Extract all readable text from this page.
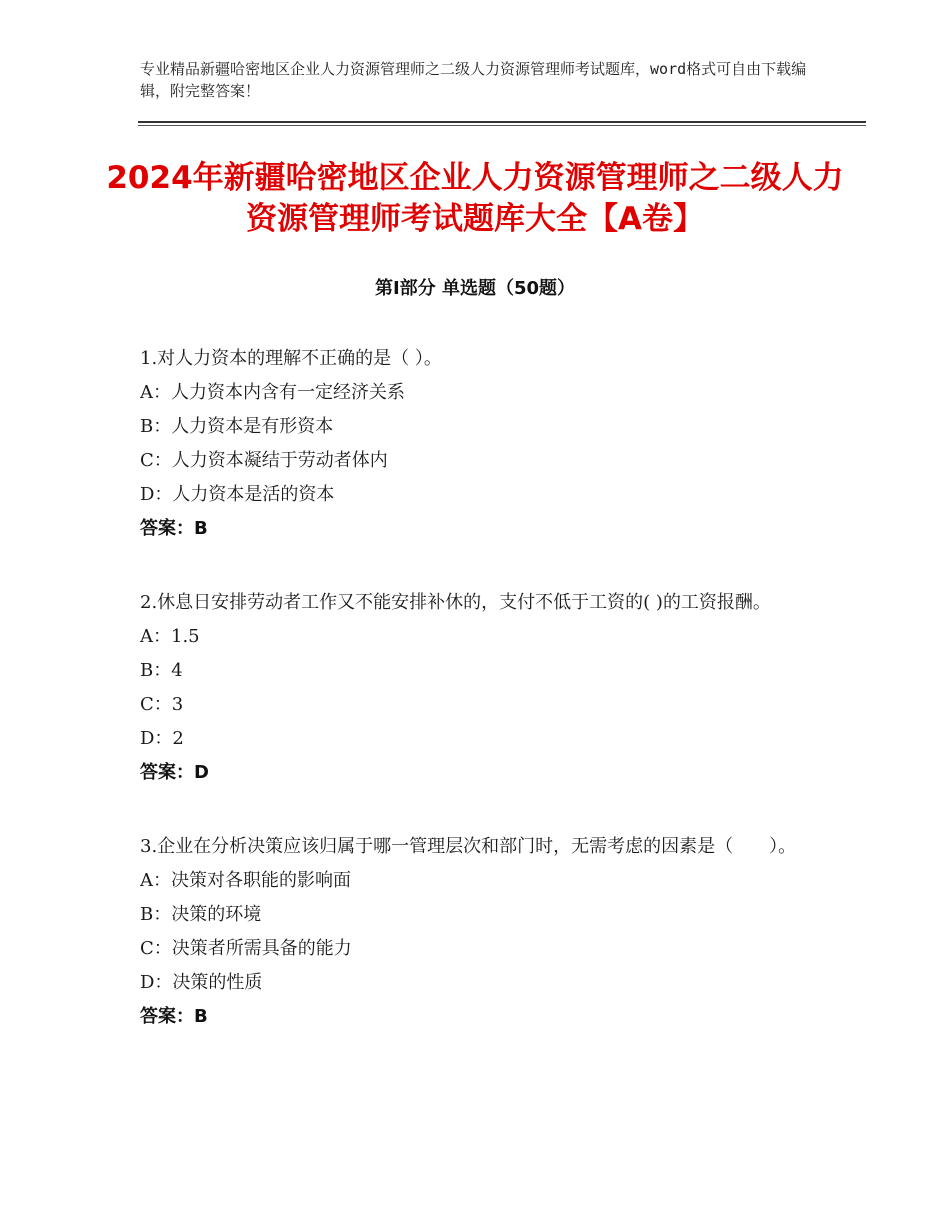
专业精品新疆哈密地区企业人力资源管理师之二级人力资源管理师考试题库，word格式可自由下载编辑，附完整答案！
2024年新疆哈密地区企业人力资源管理师之二级人力资源管理师考试题库大全【A卷】
第Ⅰ部分 单选题（50题）
1.对人力资本的理解不正确的是（ ）。
A：人力资本内含有一定经济关系
B：人力资本是有形资本
C：人力资本凝结于劳动者体内
D：人力资本是活的资本
答案：B
2.休息日安排劳动者工作又不能安排补休的，支付不低于工资的( )的工资报酬。
A：1.5
B：4
C：3
D：2
答案：D
3.企业在分析决策应该归属于哪一管理层次和部门时，无需考虑的因素是（　　）。
A：决策对各职能的影响面
B：决策的环境
C：决策者所需具备的能力
D：决策的性质
答案：B
